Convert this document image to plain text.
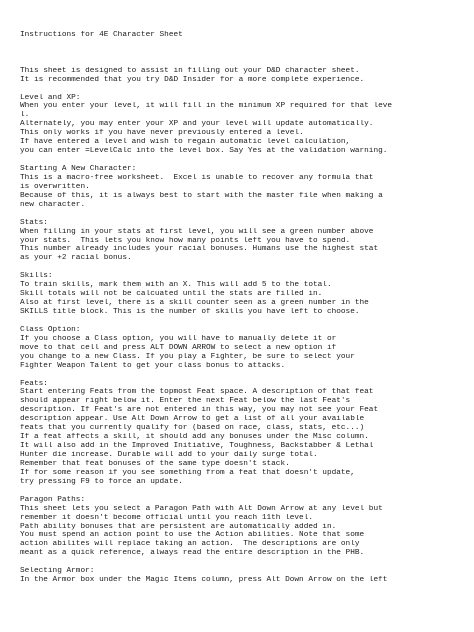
Instructions for 4E Character Sheet

This sheet is designed to assist in filling out your D&D character sheet.
It is recommended that you try D&D Insider for a more complete experience.
Level and XP:
When you enter your level, it will fill in the minimum XP required for that leve
l.
Alternately, you may enter your XP and your level will update automatically.
This only works if you have never previously entered a level.
If have entered a level and wish to regain automatic level calculation,
you can enter =LevelCalc into the level box. Say Yes at the validation warning.
Starting A New Character:
This is a macro-free worksheet.  Excel is unable to recover any formula that
is overwritten.
Because of this, it is always best to start with the master file when making a
new character.
Stats:
When filling in your stats at first level, you will see a green number above
your stats.  This lets you know how many points left you have to spend.
This number already includes your racial bonuses. Humans use the highest stat
as your +2 racial bonus.
Skills:
To train skills, mark them with an X. This will add 5 to the total.
Skill totals will not be calcuated until the stats are filled in.
Also at first level, there is a skill counter seen as a green number in the
SKILLS title block. This is the number of skills you have left to choose.
Class Option:
If you choose a Class option, you will have to manually delete it or
move to that cell and press ALT DOWN ARROW to select a new option if
you change to a new Class. If you play a Fighter, be sure to select your
Fighter Weapon Talent to get your class bonus to attacks.
Feats:
Start entering Feats from the topmost Feat space. A description of that feat
should appear right below it. Enter the next Feat below the last Feat's
description. If Feat's are not entered in this way, you may not see your Feat
description appear. Use Alt Down Arrow to get a list of all your available
feats that you currently qualify for (based on race, class, stats, etc...)
If a feat affects a skill, it should add any bonuses under the Misc column.
It will also add in the Improved Initiative, Toughness, Backstabber & Lethal
Hunter die increase. Durable will add to your daily surge total.
Remember that feat bonuses of the same type doesn't stack.
If for some reason if you see something from a feat that doesn't update,
try pressing F9 to force an update.
Paragon Paths:
This sheet lets you select a Paragon Path with Alt Down Arrow at any level but
remember it doesn't become official until you reach 11th level.
Path ability bonuses that are persistent are automatically added in.
You must spend an action point to use the Action abilities. Note that some
action abilites will replace taking an action.  The descriptions are only
meant as a quick reference, always read the entire description in the PHB.
Selecting Armor:
In the Armor box under the Magic Items column, press Alt Down Arrow on the left
